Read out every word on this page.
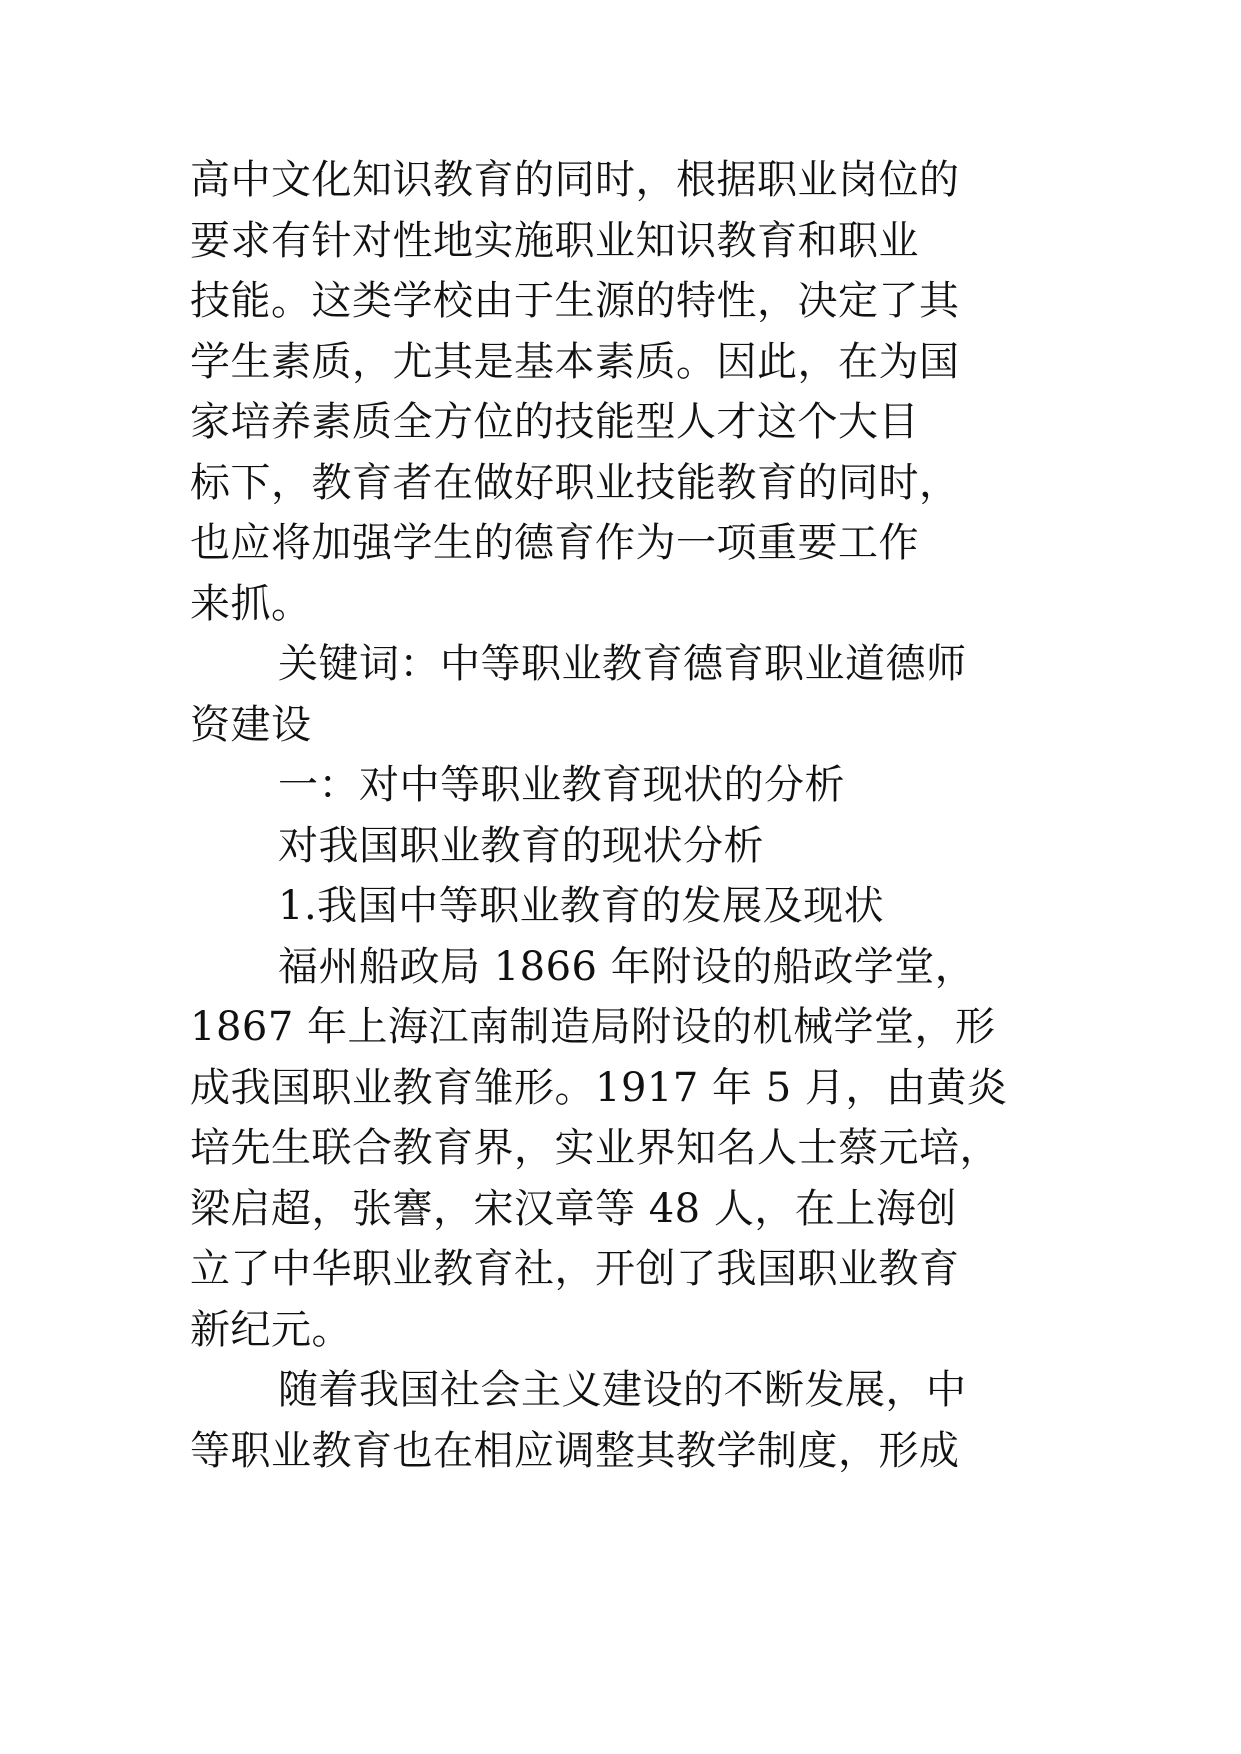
高中文化知识教育的同时，根据职业岗位的
要求有针对性地实施职业知识教育和职业
技能。这类学校由于生源的特性，决定了其
学生素质，尤其是基本素质。因此，在为国
家培养素质全方位的技能型人才这个大目
标下，教育者在做好职业技能教育的同时，
也应将加强学生的德育作为一项重要工作
来抓。
关键词：中等职业教育德育职业道德师
资建设
一：对中等职业教育现状的分析
对我国职业教育的现状分析
1.我国中等职业教育的发展及现状
福州船政局 1866 年附设的船政学堂，
1867 年上海江南制造局附设的机械学堂，形
成我国职业教育雏形。1917 年 5 月，由黄炎
培先生联合教育界，实业界知名人士蔡元培，
梁启超，张謇，宋汉章等 48 人，在上海创
立了中华职业教育社，开创了我国职业教育
新纪元。
随着我国社会主义建设的不断发展，中
等职业教育也在相应调整其教学制度，形成
